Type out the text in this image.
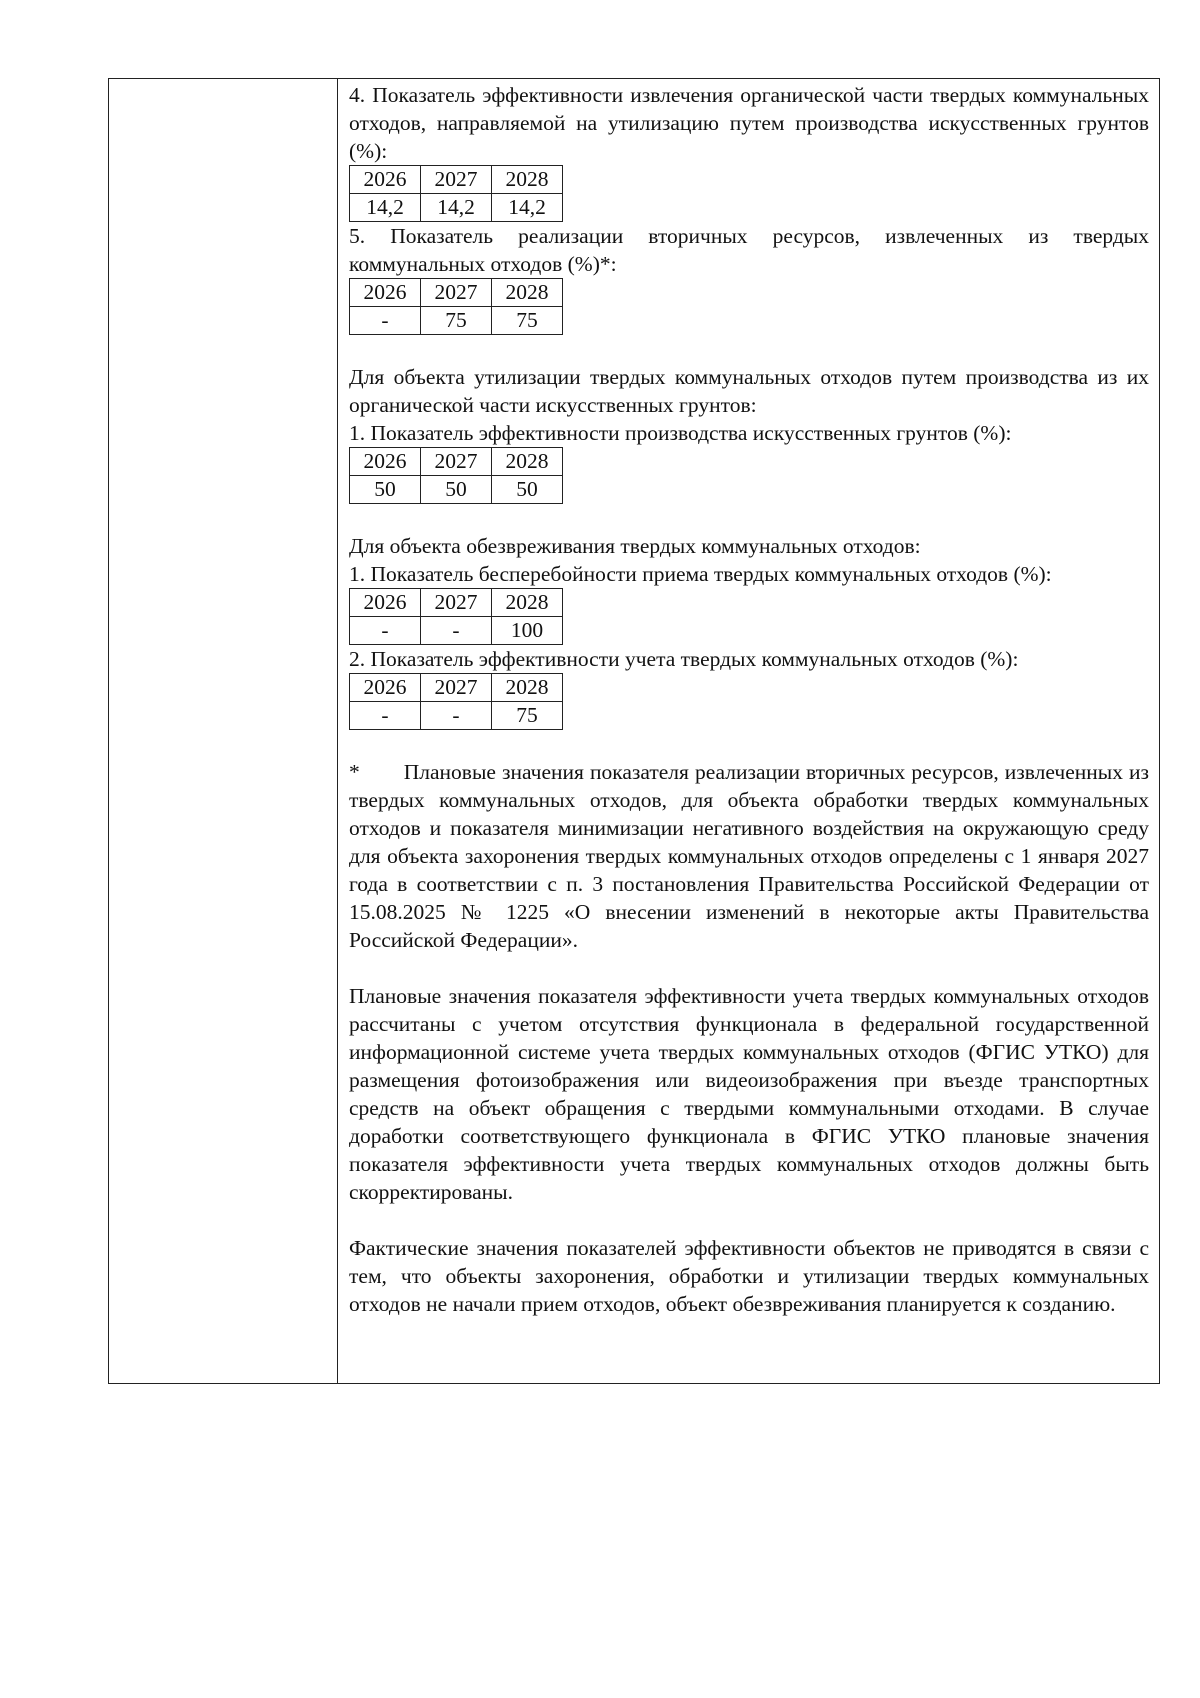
4. Показатель эффективности извлечения органической части твердых коммунальных отходов, направляемой на утилизацию путем производства искусственных грунтов (%):

2026	2027	2028
14,2	14,2	14,2

5. Показатель реализации вторичных ресурсов, извлеченных из твердых коммунальных отходов (%)*:

2026	2027	2028
-	75	75

Для объекта утилизации твердых коммунальных отходов путем производства из их органической части искусственных грунтов:

1. Показатель эффективности производства искусственных грунтов (%):

2026	2027	2028
50	50	50

Для объекта обезвреживания твердых коммунальных отходов:

1. Показатель бесперебойности приема твердых коммунальных отходов (%):

2026	2027	2028
-	-	100

2. Показатель эффективности учета твердых коммунальных отходов (%):

2026	2027	2028
-	-	75

* Плановые значения показателя реализации вторичных ресурсов, извлеченных из твердых коммунальных отходов, для объекта обработки твердых коммунальных отходов и показателя минимизации негативного воздействия на окружающую среду для объекта захоронения твердых коммунальных отходов определены с 1 января 2027 года в соответствии с п. 3 постановления Правительства Российской Федерации от 15.08.2025 № 1225 «О внесении изменений в некоторые акты Правительства Российской Федерации».

Плановые значения показателя эффективности учета твердых коммунальных отходов рассчитаны с учетом отсутствия функционала в федеральной государственной информационной системе учета твердых коммунальных отходов (ФГИС УТКО) для размещения фотоизображения или видеоизображения при въезде транспортных средств на объект обращения с твердыми коммунальными отходами. В случае доработки соответствующего функционала в ФГИС УТКО плановые значения показателя эффективности учета твердых коммунальных отходов должны быть скорректированы.

Фактические значения показателей эффективности объектов не приводятся в связи с тем, что объекты захоронения, обработки и утилизации твердых коммунальных отходов не начали прием отходов, объект обезвреживания планируется к созданию.
